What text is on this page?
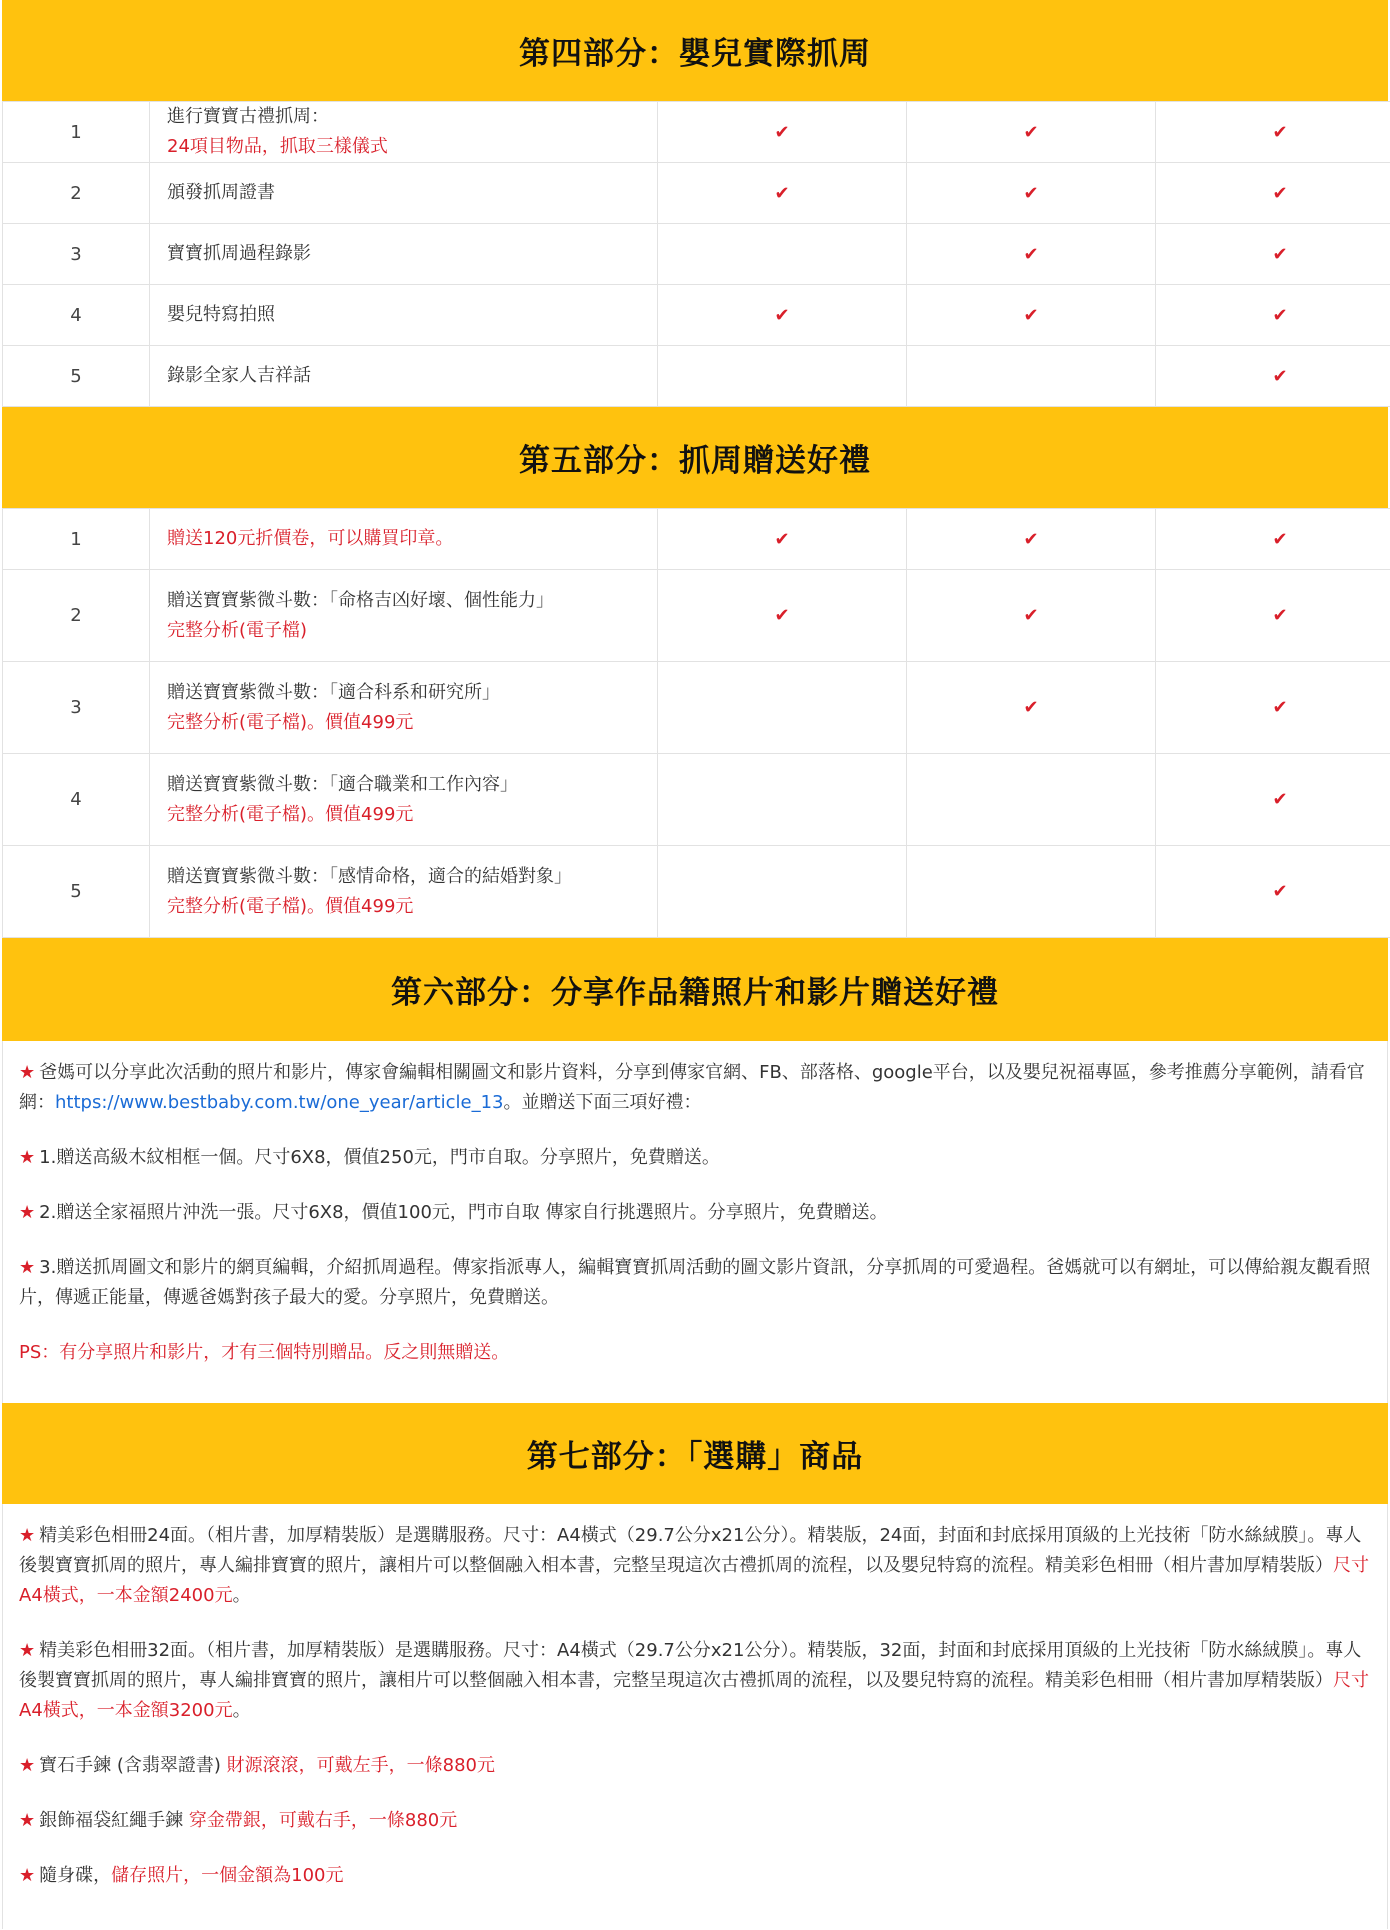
第四部分：嬰兒實際抓周
1	進行寶寶古禮抓周：
24項目物品，抓取三樣儀式	✔	✔	✔
2	頒發抓周證書	✔	✔	✔
3	寶寶抓周過程錄影		✔	✔
4	嬰兒特寫拍照	✔	✔	✔
5	錄影全家人吉祥話			✔
第五部分：抓周贈送好禮
1	贈送120元折價卷，可以購買印章。	✔	✔	✔
2	贈送寶寶紫微斗數：「命格吉凶好壞、個性能力」
完整分析(電子檔)	✔	✔	✔
3	贈送寶寶紫微斗數：「適合科系和研究所」
完整分析(電子檔)。價值499元		✔	✔
4	贈送寶寶紫微斗數：「適合職業和工作內容」
完整分析(電子檔)。價值499元			✔
5	贈送寶寶紫微斗數：「感情命格，適合的結婚對象」
完整分析(電子檔)。價值499元			✔
第六部分：分享作品籍照片和影片贈送好禮

★ 爸媽可以分享此次活動的照片和影片，傳家會編輯相關圖文和影片資料，分享到傳家官網、FB、部落格、google平台，以及嬰兒祝福專區，參考推薦分享範例，請看官網：https://www.bestbaby.com.tw/one_year/article_13。並贈送下面三項好禮：

★ 1.贈送高級木紋相框一個。尺寸6X8，價值250元，門市自取。分享照片，免費贈送。

★ 2.贈送全家福照片沖洗一張。尺寸6X8，價值100元，門市自取 傳家自行挑選照片。分享照片，免費贈送。

★ 3.贈送抓周圖文和影片的網頁編輯，介紹抓周過程。傳家指派專人，編輯寶寶抓周活動的圖文影片資訊，分享抓周的可愛過程。爸媽就可以有網址，可以傳給親友觀看照片，傳遞正能量，傳遞爸媽對孩子最大的愛。分享照片，免費贈送。

PS：有分享照片和影片，才有三個特別贈品。反之則無贈送。

第七部分：「選購」商品

★ 精美彩色相冊24面。（相片書，加厚精裝版）是選購服務。尺寸：A4橫式（29.7公分x21公分）。精裝版，24面，封面和封底採用頂級的上光技術「防水絲絨膜」。專人後製寶寶抓周的照片，專人編排寶寶的照片，讓相片可以整個融入相本書，完整呈現這次古禮抓周的流程，以及嬰兒特寫的流程。精美彩色相冊（相片書加厚精裝版）尺寸A4橫式，一本金額2400元。

★ 精美彩色相冊32面。（相片書，加厚精裝版）是選購服務。尺寸：A4橫式（29.7公分x21公分）。精裝版，32面，封面和封底採用頂級的上光技術「防水絲絨膜」。專人後製寶寶抓周的照片，專人編排寶寶的照片，讓相片可以整個融入相本書，完整呈現這次古禮抓周的流程，以及嬰兒特寫的流程。精美彩色相冊（相片書加厚精裝版）尺寸A4橫式，一本金額3200元。

★ 寶石手鍊 (含翡翠證書) 財源滾滾，可戴左手，一條880元

★ 銀飾福袋紅繩手鍊 穿金帶銀，可戴右手，一條880元

★ 隨身碟，儲存照片，一個金額為100元
